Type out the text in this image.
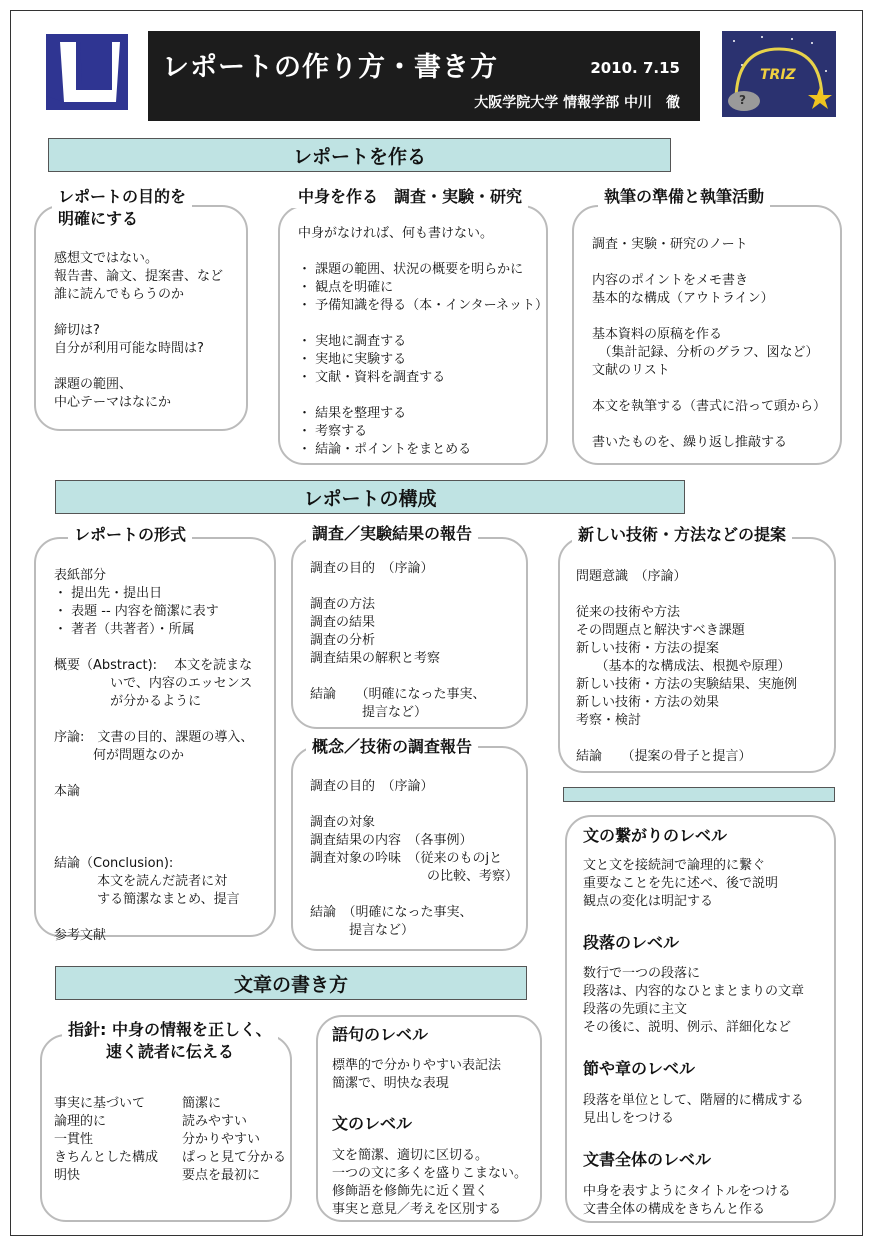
レポートの作り方・書き方	2010. 7.15
大阪学院大学 情報学部 中川　徹
TRIZ
?
レポートを作る
レポートの構成
文章の書き方
レポートの目的を
明確にする
感想文ではない。
報告書、論文、提案書、など
誰に読んでもらうのか
締切は?
自分が利用可能な時間は?
課題の範囲、
中心テーマはなにか
中身を作る　調査・実験・研究
中身がなければ、何も書けない。
・ 課題の範囲、状況の概要を明らかに
・ 観点を明確に
・ 予備知識を得る（本・インターネット）
・ 実地に調査する
・ 実地に実験する
・ 文献・資料を調査する
・ 結果を整理する
・ 考察する
・ 結論・ポイントをまとめる
執筆の準備と執筆活動
調査・実験・研究のノート
内容のポイントをメモ書き
基本的な構成（アウトライン）
基本資料の原稿を作る
　（集計記録、分析のグラフ、図など）
文献のリスト
本文を執筆する（書式に沿って頭から）
書いたものを、繰り返し推敲する
レポートの形式
表紙部分
・ 提出先・提出日
・ 表題 -- 内容を簡潔に表す
・ 著者（共著者）・所属
概要（Abstract):　 本文を読まな
　　　　 いで、内容のエッセンス
　　　　 が分かるように
序論:　文書の目的、課題の導入、
　　　何が問題なのか
本論
結論（Conclusion):
　　　 本文を読んだ読者に対
　　　 する簡潔なまとめ、提言
参考文献
調査／実験結果の報告
調査の目的　（序論）
調査の方法
調査の結果
調査の分析
調査結果の解釈と考察
結論　　（明確になった事実、
　　　　提言など）
概念／技術の調査報告
調査の目的　（序論）
調査の対象
調査結果の内容　（各事例）
調査対象の吟味　（従来のものjと
　　　　　　　　　の比較、考察）
結論　（明確になった事実、
　　　提言など）
新しい技術・方法などの提案
問題意識　（序論）
従来の技術や方法
その問題点と解決すべき課題
新しい技術・方法の提案
　　（基本的な構成法、根拠や原理）
新しい技術・方法の実験結果、実施例
新しい技術・方法の効果
考察・検討
結論　　（提案の骨子と提言）
文の繋がりのレベル
文と文を接続詞で論理的に繋ぐ
重要なことを先に述べ、後で説明
観点の変化は明記する
段落のレベル
数行で一つの段落に
段落は、内容的なひとまとまりの文章
段落の先頭に主文
その後に、説明、例示、詳細化など
節や章のレベル
段落を単位として、階層的に構成する
見出しをつける
文書全体のレベル
中身を表すようにタイトルをつける
文書全体の構成をきちんと作る
指針: 中身の情報を正しく、
速く読者に伝える
事実に基づいて
論理的に
一貫性
きちんとした構成
明快
簡潔に
読みやすい
分かりやすい
ぱっと見て分かる
要点を最初に
語句のレベル
標準的で分かりやすい表記法
簡潔で、明快な表現
文のレベル
文を簡潔、適切に区切る。
一つの文に多くを盛りこまない。
修飾語を修飾先に近く置く
事実と意見／考えを区別する
